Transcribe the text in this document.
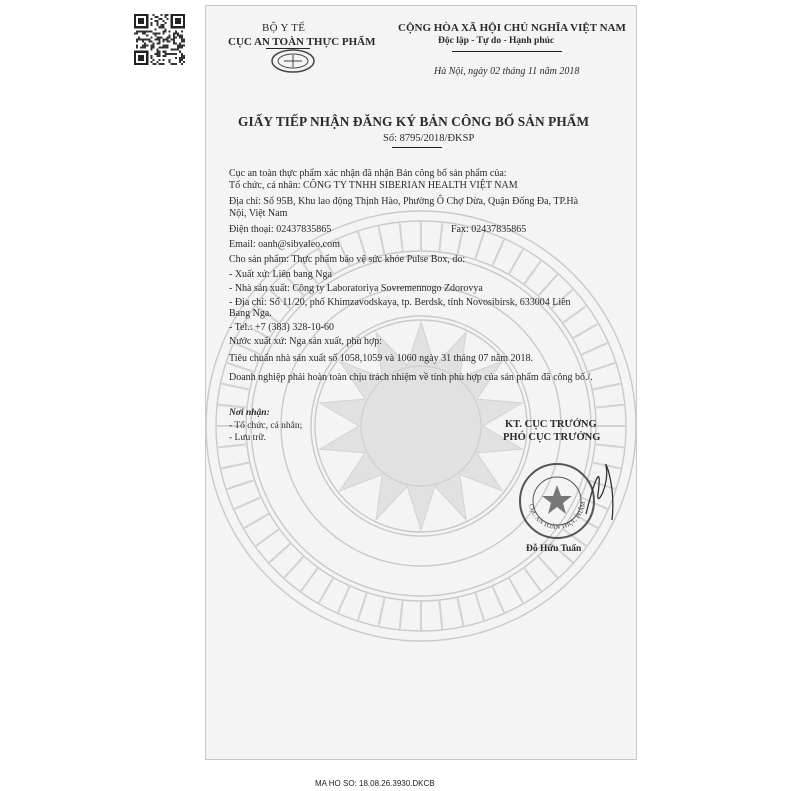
BỘ Y TẾ
CỤC AN TOÀN THỰC PHẨM
CỘNG HÒA XÃ HỘI CHỦ NGHĨA VIỆT NAM
Độc lập - Tự do - Hạnh phúc
Hà Nội, ngày 02 tháng 11 năm 2018
GIẤY TIẾP NHẬN ĐĂNG KÝ BẢN CÔNG BỐ SẢN PHẨM
Số: 8795/2018/ĐKSP
Cục an toàn thực phẩm xác nhận đã nhận Bản công bố sản phẩm của:
Tổ chức, cá nhân: CÔNG TY TNHH SIBERIAN HEALTH VIỆT NAM
Địa chỉ: Số 95B, Khu lao động Thịnh Hào, Phường Ô Chợ Dừa, Quận Đống Đa, TP.Hà
Nội, Việt Nam
Điện thoại: 02437835865	Fax: 02437835865
Email: oanh@sibvaleo.com
Cho sản phẩm: Thực phẩm bảo vệ sức khỏe Pulse Box, do:
- Xuất xứ: Liên bang Nga
- Nhà sản xuất: Công ty Laboratoriya Sovremennogo Zdorovya
- Địa chỉ: Số 11/20, phố Khimzavodskaya, tp. Berdsk, tỉnh Novosibirsk, 633004 Liên
Bang Nga.
- Tel.: +7 (383) 328-10-60
Nước xuất xứ: Nga sản xuất, phù hợp:
Tiêu chuẩn nhà sản xuất số 1058,1059 và 1060 ngày 31 tháng 07 năm 2018.
Doanh nghiệp phải hoàn toàn chịu trách nhiệm về tính phù hợp của sản phẩm đã công bố./.
Nơi nhận:
- Tổ chức, cá nhân;
- Lưu trữ.
KT. CỤC TRƯỞNG
PHÓ CỤC TRƯỞNG
CỤC AN TOÀN THỰC PHẨM
Đỗ Hữu Tuấn
MA HO SO: 18.08.26.3930.DKCB
